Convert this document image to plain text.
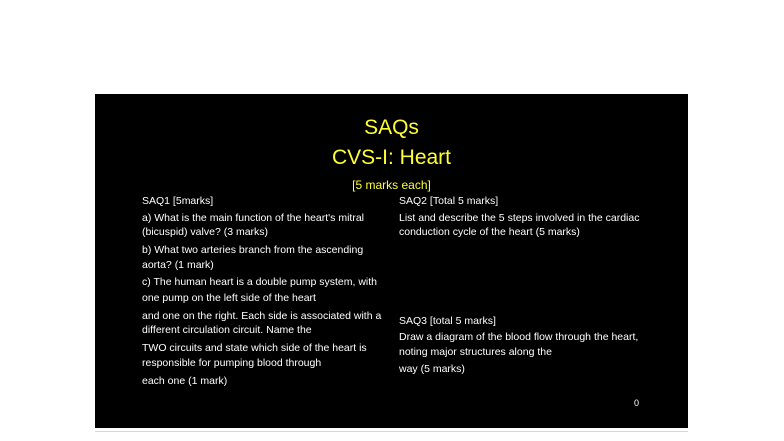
SAQs
CVS-I: Heart
[5 marks each]
SAQ1 [5marks]
a) What is the main function of the heart's mitral
(bicuspid) valve? (3 marks)
b) What two arteries branch from the ascending
aorta? (1 mark)
c) The human heart is a double pump system, with
one pump on the left side of the heart
and one on the right. Each side is associated with a
different circulation circuit. Name the
TWO circuits and state which side of the heart is
responsible for pumping blood through
each one (1 mark)
SAQ2 [Total 5 marks]
List and describe the 5 steps involved in the cardiac
conduction cycle of the heart (5 marks)
SAQ3 [total 5 marks]
Draw a diagram of the blood flow through the heart,
noting major structures along the
way (5 marks)
0
